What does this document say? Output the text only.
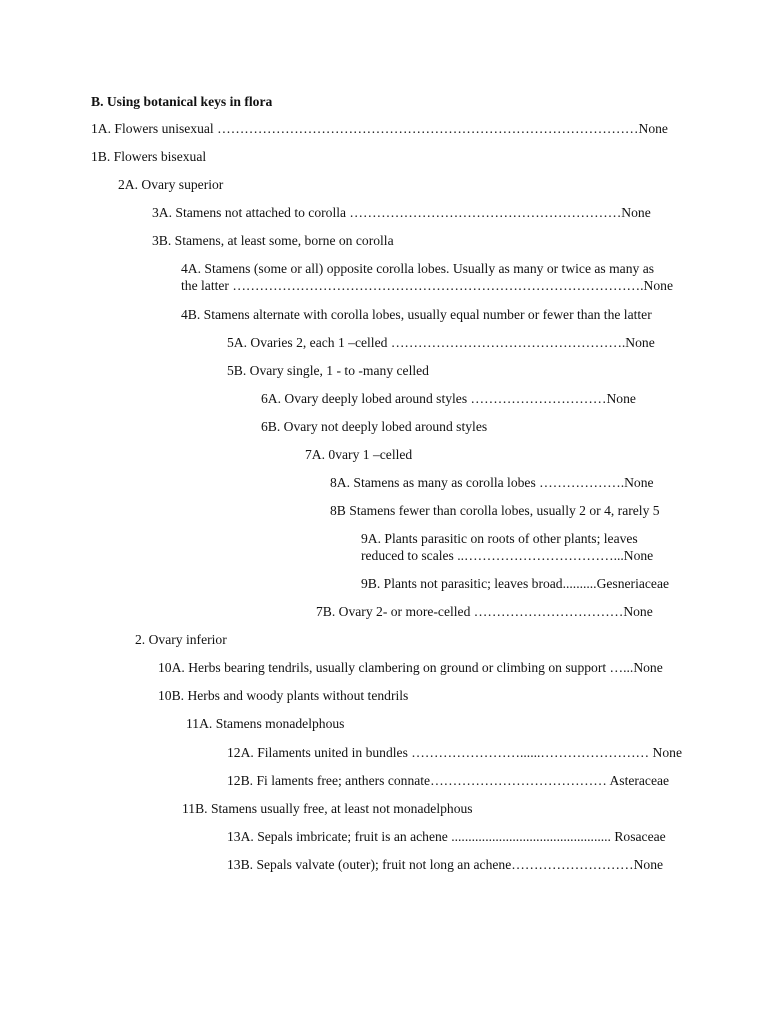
B. Using botanical keys in flora
1A. Flowers unisexual …………………………………………………………………………………None
1B. Flowers bisexual
2A. Ovary superior
3A. Stamens not attached to corolla ……………………………………………………None
3B. Stamens, at least some, borne on corolla
4A. Stamens (some or all) opposite corolla lobes. Usually as many or twice as many as
the latter ……………………………………………………………………………….None
4B. Stamens alternate with corolla lobes, usually equal number or fewer than the latter
5A. Ovaries 2, each 1 –celled …………………………………………….None
5B. Ovary single, 1 - to -many celled
6A. Ovary deeply lobed around styles …………………………None
6B. Ovary not deeply lobed around styles
7A. 0vary 1 –celled
8A. Stamens as many as corolla lobes ……………….None
8B Stamens fewer than corolla lobes, usually 2 or 4, rarely 5
9A. Plants parasitic on roots of other plants; leaves
reduced to scales ..……………………………...None
9B. Plants not parasitic; leaves broad..........Gesneriaceae
7B. Ovary 2- or more-celled ……………………………None
2. Ovary inferior
10A. Herbs bearing tendrils, usually clambering on ground or climbing on support …...None
10B. Herbs and woody plants without tendrils
11A. Stamens monadelphous
12A. Filaments united in bundles ……………………......…………………… None
12B. Fi laments free; anthers connate………………………………… Asteraceae
11B. Stamens usually free, at least not monadelphous
13A. Sepals imbricate; fruit is an achene ............................................... Rosaceae
13B. Sepals valvate (outer); fruit not long an achene………………………None
